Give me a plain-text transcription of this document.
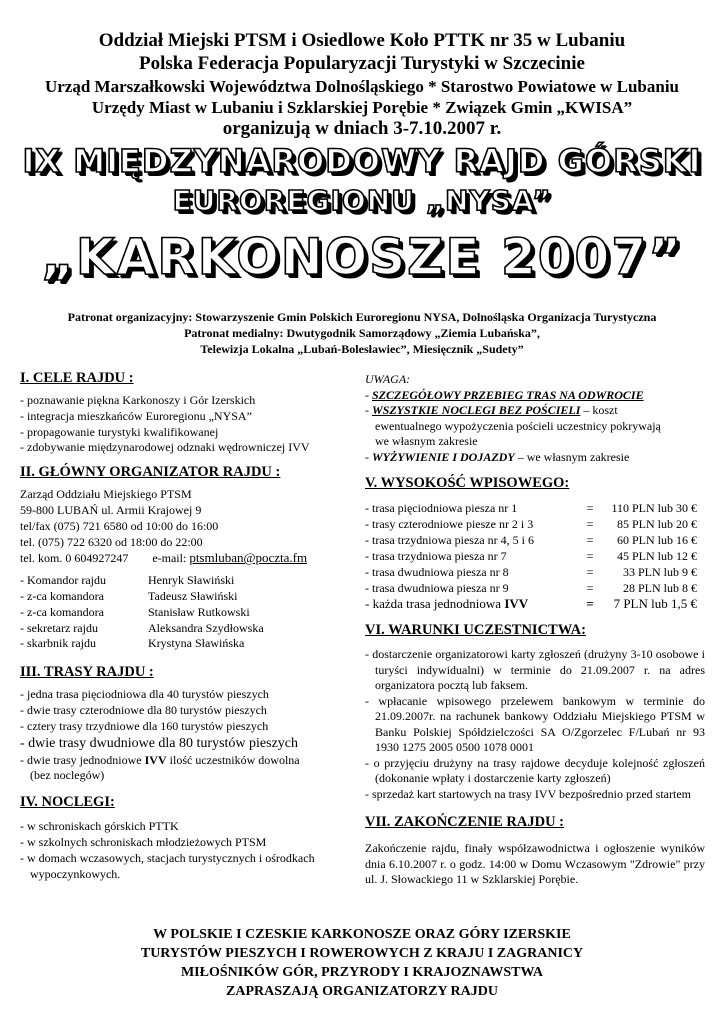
Oddział Miejski PTSM i Osiedlowe Koło PTTK nr 35 w Lubaniu
Polska Federacja Popularyzacji Turystyki w Szczecinie
Urząd Marszałkowski Województwa Dolnośląskiego * Starostwo Powiatowe w Lubaniu
Urzędy Miast w Lubaniu i Szklarskiej Porębie * Związek Gmin „KWISA”
organizują w dniach 3-7.10.2007 r.
IX MIĘDZYNARODOWY RAJD GÓRSKI
EUROREGIONU „NYSA”
„KARKONOSZE 2007”
Patronat organizacyjny: Stowarzyszenie Gmin Polskich Euroregionu NYSA, Dolnośląska Organizacja Turystyczna
Patronat medialny: Dwutygodnik Samorządowy „Ziemia Lubańska”,
Telewizja Lokalna „Lubań-Bolesławiec”, Miesięcznik „Sudety”

I. CELE RAJDU :

- poznawanie piękna Karkonoszy i Gór Izerskich
- integracja mieszkańców Euroregionu „NYSA”
- propagowanie turystyki kwalifikowanej
- zdobywanie międzynarodowej odznaki wędrowniczej IVV

II. GŁÓWNY ORGANIZATOR RAJDU :

Zarząd Oddziału Miejskiego PTSM
59-800 LUBAŃ ul. Armii Krajowej 9
tel/fax (075) 721 6580 od 10:00 do 16:00
tel. (075) 722 6320 od 18:00 do 22:00
tel. kom. 0 604927247 e-mail: ptsmluban@poczta.fm
- Komandor rajdu	Henryk Sławiński
- z-ca komandora	Tadeusz Sławiński
- z-ca komandora	Stanisław Rutkowski
- sekretarz rajdu	Aleksandra Szydłowska
- skarbnik rajdu	Krystyna Sławińska

III. TRASY RAJDU :

- jedna trasa pięciodniowa dla 40 turystów pieszych
- dwie trasy czterodniowe dla 80 turystów pieszych
- cztery trasy trzydniowe dla 160 turystów pieszych
- dwie trasy dwudniowe dla 80 turystów pieszych
- dwie trasy jednodniowe IVV ilość uczestników dowolna
(bez noclegów)

IV. NOCLEGI:

- w schroniskach górskich PTTK
- w szkolnych schroniskach młodzieżowych PTSM
- w domach wczasowych, stacjach turystycznych i ośrodkach
wypoczynkowych.
UWAGA:
- SZCZEGÓŁOWY PRZEBIEG TRAS NA ODWROCIE
- WSZYSTKIE NOCLEGI BEZ POŚCIELI – koszt
ewentualnego wypożyczenia pościeli uczestnicy pokrywają
we własnym zakresie
- WYŻYWIENIE I DOJAZDY – we własnym zakresie

V. WYSOKOŚĆ WPISOWEGO:

- trasa pięciodniowa piesza nr 1	=	110 PLN lub 30 €
- trasy czterodniowe piesze nr 2 i 3	=	85 PLN lub 20 €
- trasa trzydniowa piesza nr 4, 5 i 6	=	60 PLN lub 16 €
- trasa trzydniowa piesza nr 7	=	45 PLN lub 12 €
- trasa dwudniowa piesza nr 8	=	33 PLN lub 9 €
- trasa dwudniowa piesza nr 9	=	28 PLN lub 8 €
- każda trasa jednodniowa IVV	=	7 PLN lub 1,5 €

VI. WARUNKI UCZESTNICTWA:

- dostarczenie organizatorowi karty zgłoszeń (drużyny 3-10 osobowe i turyści indywidualni) w terminie do 21.09.2007 r. na adres organizatora pocztą lub faksem.
- wpłacanie wpisowego przelewem bankowym w terminie do 21.09.2007r. na rachunek bankowy Oddziału Miejskiego PTSM w Banku Polskiej Spółdzielczości SA O/Zgorzelec F/Lubań nr 93 1930 1275 2005 0500 1078 0001
- o przyjęciu drużyny na trasy rajdowe decyduje kolejność zgłoszeń (dokonanie wpłaty i dostarczenie karty zgłoszeń)
- sprzedaż kart startowych na trasy IVV bezpośrednio przed startem

VII. ZAKOŃCZENIE RAJDU :

Zakończenie rajdu, finały współzawodnictwa i ogłoszenie wyników dnia 6.10.2007 r. o godz. 14:00 w Domu Wczasowym "Zdrowie" przy ul. J. Słowackiego 11 w Szklarskiej Porębie.
W POLSKIE I CZESKIE KARKONOSZE ORAZ GÓRY IZERSKIE
TURYSTÓW PIESZYCH I ROWEROWYCH Z KRAJU I ZAGRANICY
MIŁOŚNIKÓW GÓR, PRZYRODY I KRAJOZNAWSTWA
ZAPRASZAJĄ ORGANIZATORZY RAJDU
